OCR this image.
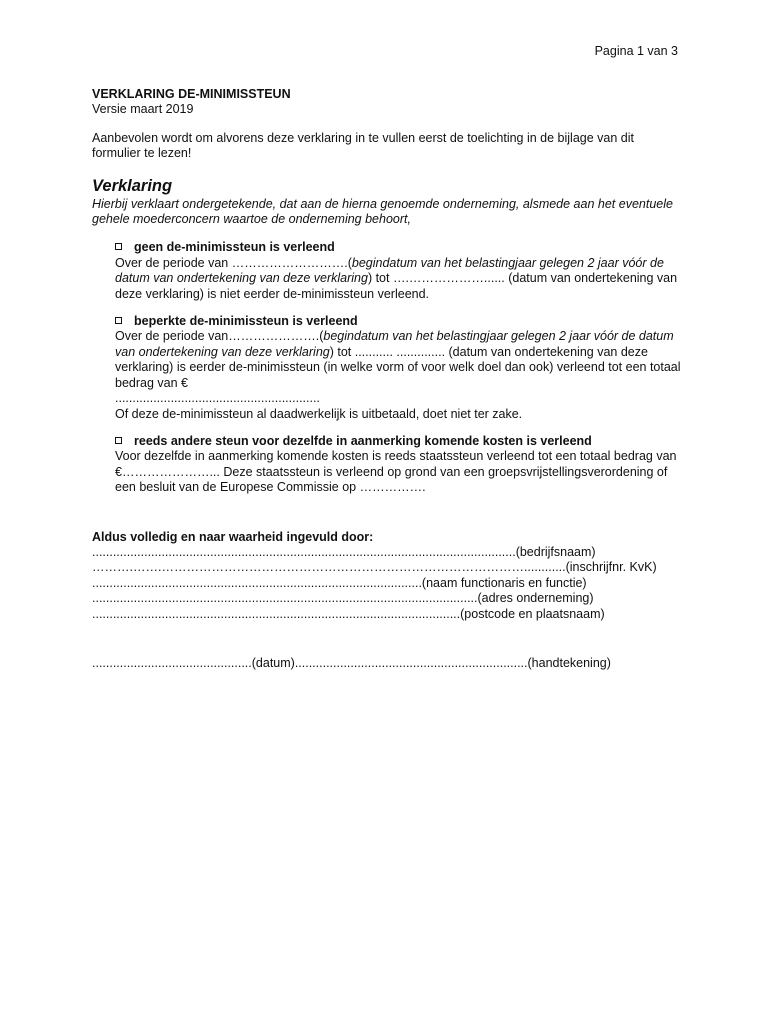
Pagina 1 van 3
VERKLARING DE-MINIMISSTEUN
Versie maart 2019
Aanbevolen wordt om alvorens deze verklaring in te vullen eerst de toelichting in de bijlage van dit formulier te lezen!
Verklaring
Hierbij verklaart ondergetekende, dat aan de hierna genoemde onderneming, alsmede aan het eventuele gehele moederconcern waartoe de onderneming behoort,
geen de-minimissteun is verleend
Over de periode van ……………………….(begindatum van het belastingjaar gelegen 2 jaar vóór de datum van ondertekening van deze verklaring) tot ….………………...... (datum van ondertekening van deze verklaring) is niet eerder de-minimissteun verleend.
beperkte de-minimissteun is verleend
Over de periode van………………….(begindatum van het belastingjaar gelegen 2 jaar vóór de datum van ondertekening van deze verklaring) tot ........... .............. (datum van ondertekening van deze verklaring) is eerder de-minimissteun (in welke vorm of voor welk doel dan ook) verleend tot een totaal bedrag van €

...........................................................

Of deze de-minimissteun al daadwerkelijk is uitbetaald, doet niet ter zake.

reeds andere steun voor dezelfde in aanmerking komende kosten is verleend
Voor dezelfde in aanmerking komende kosten is reeds staatssteun verleend tot een totaal bedrag van €…………………... Deze staatssteun is verleend op grond van een groepsvrijstellingsverordening of een besluit van de Europese Commissie op …………….
Aldus volledig en naar waarheid ingevuld door:
..........................................................................................................................(bedrijfsnaam)
……….…….……………………………………………………………………………............(inschrijfnr. KvK)
...............................................................................................(naam functionaris en functie)
...............................................................................................................(adres onderneming)
..........................................................................................................(postcode en plaatsnaam)
..............................................(datum)...................................................................(handtekening)
